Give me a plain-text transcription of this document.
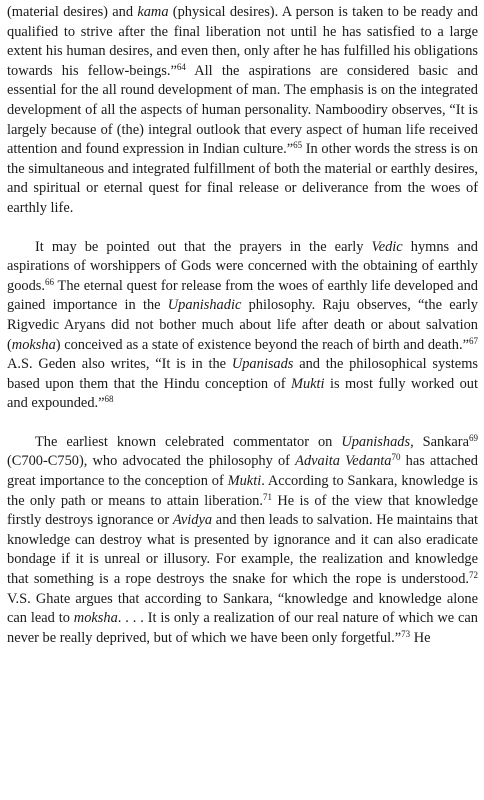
(material desires) and kama (physical desires). A person is taken to be ready and qualified to strive after the final liberation not until he has satisfied to a large extent his human desires, and even then, only after he has fulfilled his obligations towards his fellow-beings.”$^{64}$ All the aspirations are considered basic and essential for the all round development of man. The emphasis is on the integrated development of all the aspects of human personality. Namboodiry observes, “It is largely because of (the) integral outlook that every aspect of human life received attention and found expression in Indian culture.”$^{65}$ In other words the stress is on the simultaneous and integrated fulfillment of both the material or earthly desires, and spiritual or eternal quest for final release or deliverance from the woes of earthly life.

It may be pointed out that the prayers in the early Vedic hymns and aspirations of worshippers of Gods were concerned with the obtaining of earthly goods.$^{66}$ The eternal quest for release from the woes of earthly life developed and gained importance in the Upanishadic philosophy. Raju observes, “the early Rigvedic Aryans did not bother much about life after death or about salvation (moksha) conceived as a state of existence beyond the reach of birth and death.”$^{67}$ A.S. Geden also writes, “It is in the Upanisads and the philosophical systems based upon them that the Hindu conception of Mukti is most fully worked out and expounded.”$^{68}$

The earliest known celebrated commentator on Upanishads, Sankara$^{69}$ (C700-C750), who advocated the philosophy of Advaita Vedanta$^{70}$ has attached great importance to the conception of Mukti. According to Sankara, knowledge is the only path or means to attain liberation.$^{71}$ He is of the view that knowledge firstly destroys ignorance or Avidya and then leads to salvation. He maintains that knowledge can destroy what is presented by ignorance and it can also eradicate bondage if it is unreal or illusory. For example, the realization and knowledge that something is a rope destroys the snake for which the rope is understood.$^{72}$ V.S. Ghate argues that according to Sankara, “knowledge and knowledge alone can lead to moksha. . . . It is only a realization of our real nature of which we can never be really deprived, but of which we have been only forgetful.”$^{73}$ He
